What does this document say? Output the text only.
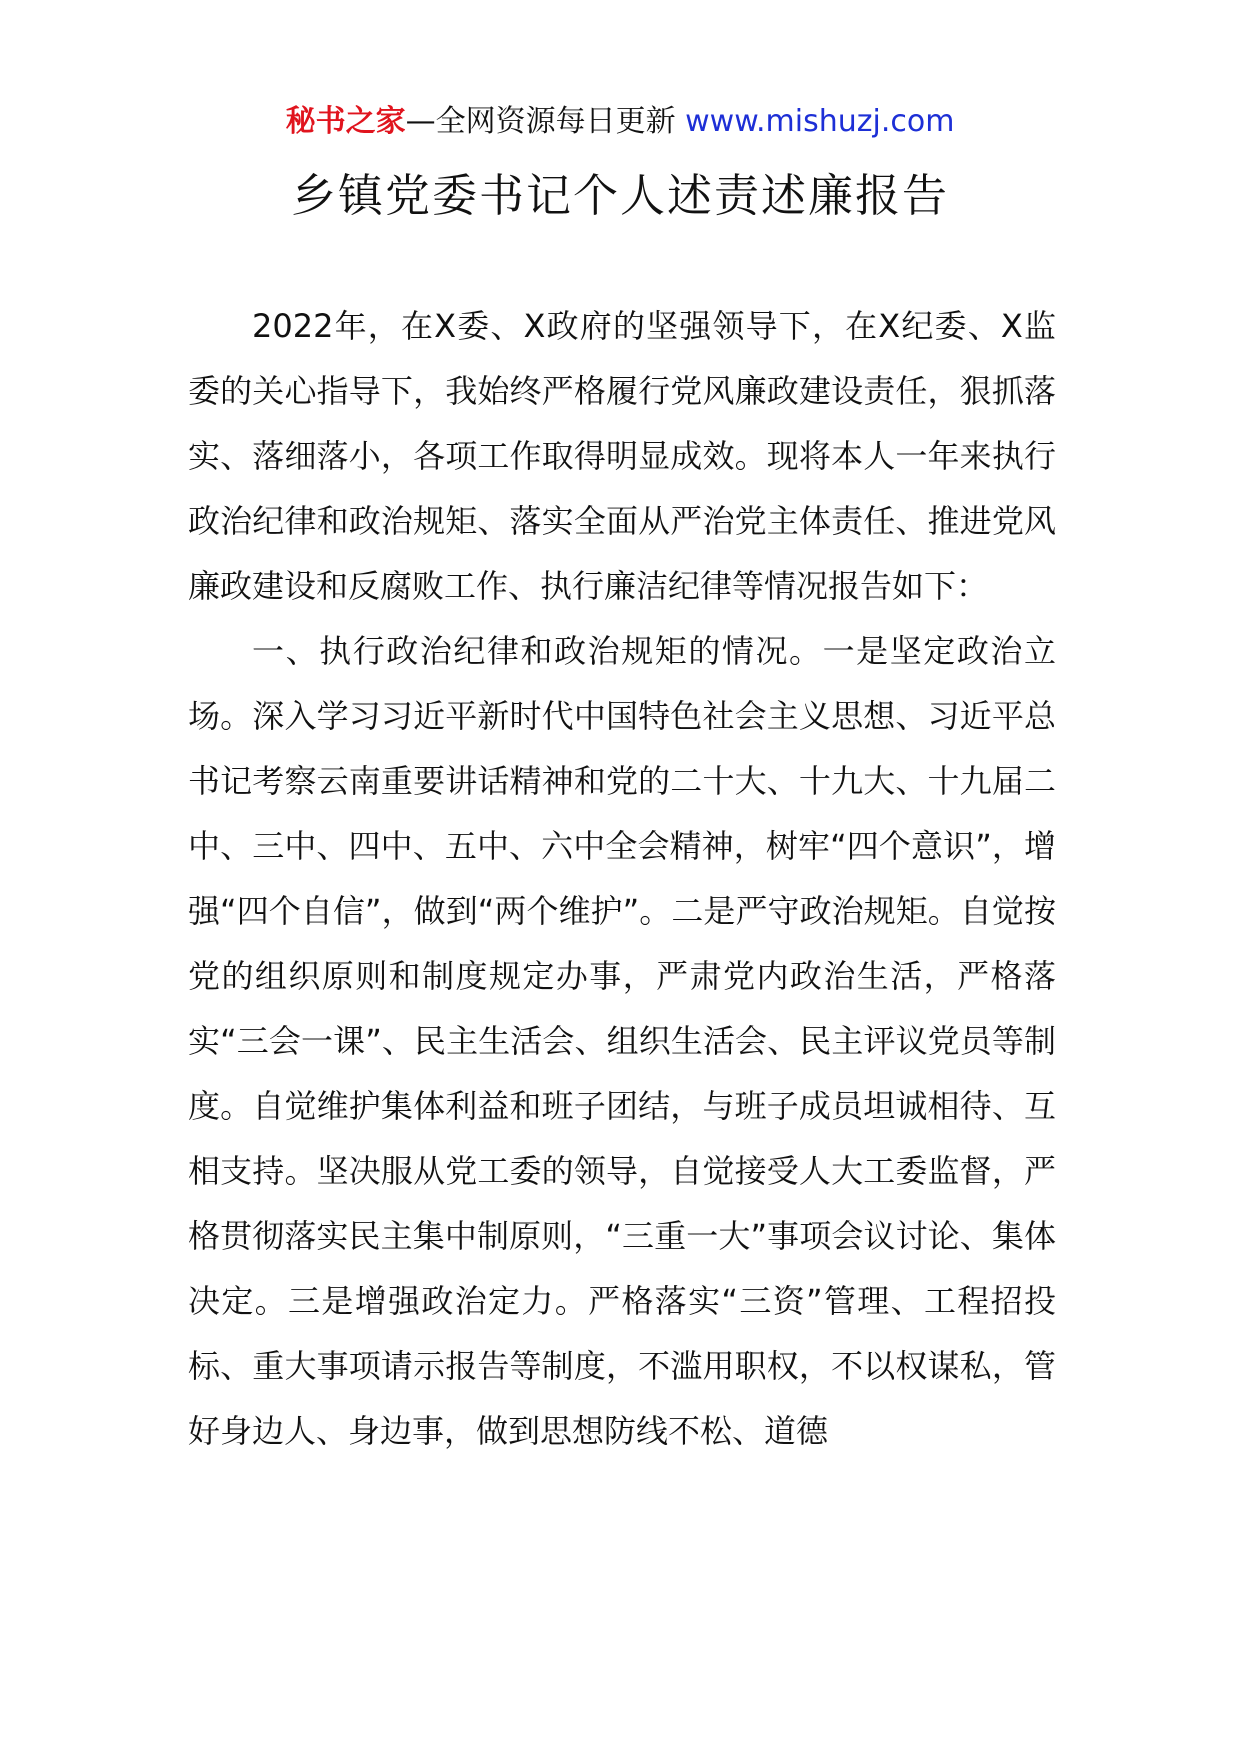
秘书之家—全网资源每日更新 www.mishuzj.com
乡镇党委书记个人述责述廉报告

2022年，在X委、X政府的坚强领导下，在X纪委、X监委的关心指导下，我始终严格履行党风廉政建设责任，狠抓落实、落细落小，各项工作取得明显成效。现将本人一年来执行政治纪律和政治规矩、落实全面从严治党主体责任、推进党风廉政建设和反腐败工作、执行廉洁纪律等情况报告如下：

一、执行政治纪律和政治规矩的情况。一是坚定政治立场。深入学习习近平新时代中国特色社会主义思想、习近平总书记考察云南重要讲话精神和党的二十大、十九大、十九届二中、三中、四中、五中、六中全会精神，树牢“四个意识”，增强“四个自信”，做到“两个维护”。二是严守政治规矩。自觉按党的组织原则和制度规定办事，严肃党内政治生活，严格落实“三会一课”、民主生活会、组织生活会、民主评议党员等制度。自觉维护集体利益和班子团结，与班子成员坦诚相待、互相支持。坚决服从党工委的领导，自觉接受人大工委监督，严格贯彻落实民主集中制原则，“三重一大”事项会议讨论、集体决定。三是增强政治定力。严格落实“三资”管理、工程招投标、重大事项请示报告等制度，不滥用职权，不以权谋私，管好身边人、身边事，做到思想防线不松、道德
